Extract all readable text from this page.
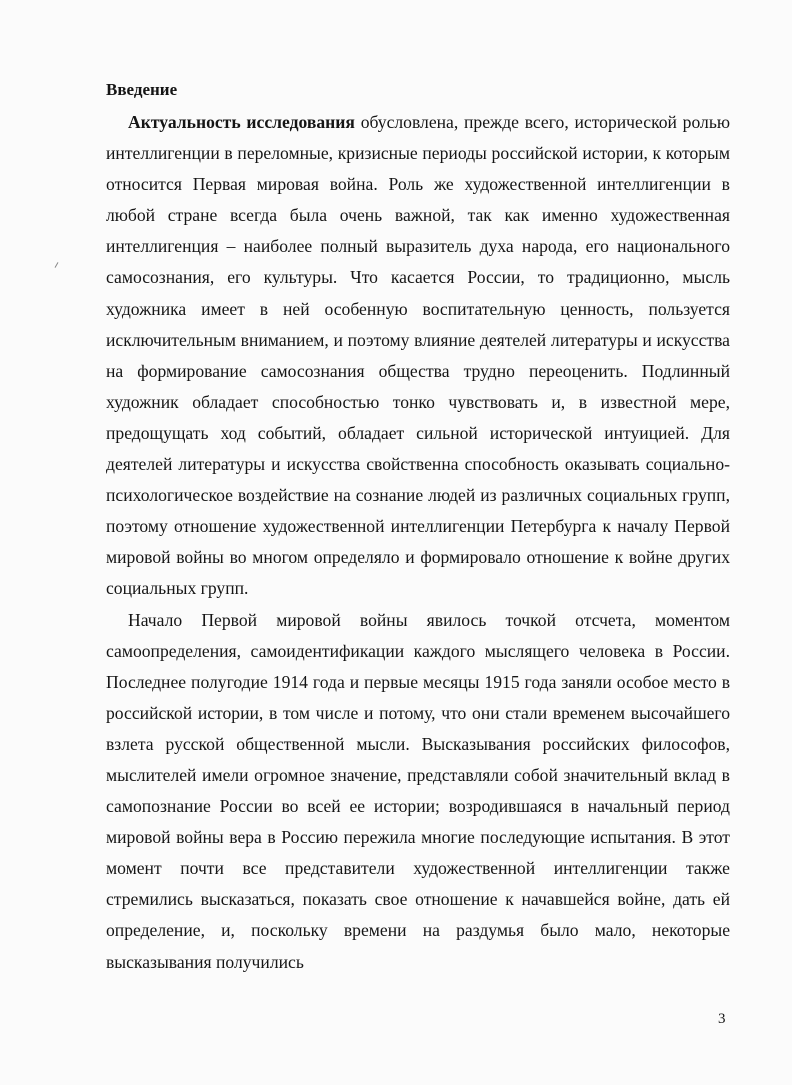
Введение

Актуальность исследования обусловлена, прежде всего, исторической ролью интеллигенции в переломные, кризисные периоды российской истории, к которым относится Первая мировая война. Роль же художественной интеллигенции в любой стране всегда была очень важной, так как именно художественная интеллигенция – наиболее полный выразитель духа народа, его национального самосознания, его культуры. Что касается России, то традиционно, мысль художника имеет в ней особенную воспитательную ценность, пользуется исключительным вниманием, и поэтому влияние деятелей литературы и искусства на формирование самосознания общества трудно переоценить. Подлинный художник обладает способностью тонко чувствовать и, в известной мере, предощущать ход событий, обладает сильной исторической интуицией. Для деятелей литературы и искусства свойственна способность оказывать социально-психологическое воздействие на сознание людей из различных социальных групп, поэтому отношение художественной интеллигенции Петербурга к началу Первой мировой войны во многом определяло и формировало отношение к войне других социальных групп.

Начало Первой мировой войны явилось точкой отсчета, моментом самоопределения, самоидентификации каждого мыслящего человека в России. Последнее полугодие 1914 года и первые месяцы 1915 года заняли особое место в российской истории, в том числе и потому, что они стали временем высочайшего взлета русской общественной мысли. Высказывания российских философов, мыслителей имели огромное значение, представляли собой значительный вклад в самопознание России во всей ее истории; возродившаяся в начальный период мировой войны вера в Россию пережила многие последующие испытания. В этот момент почти все представители художественной интеллигенции также стремились высказаться, показать свое отношение к начавшейся войне, дать ей определение, и, поскольку времени на раздумья было мало, некоторые высказывания получились

3
